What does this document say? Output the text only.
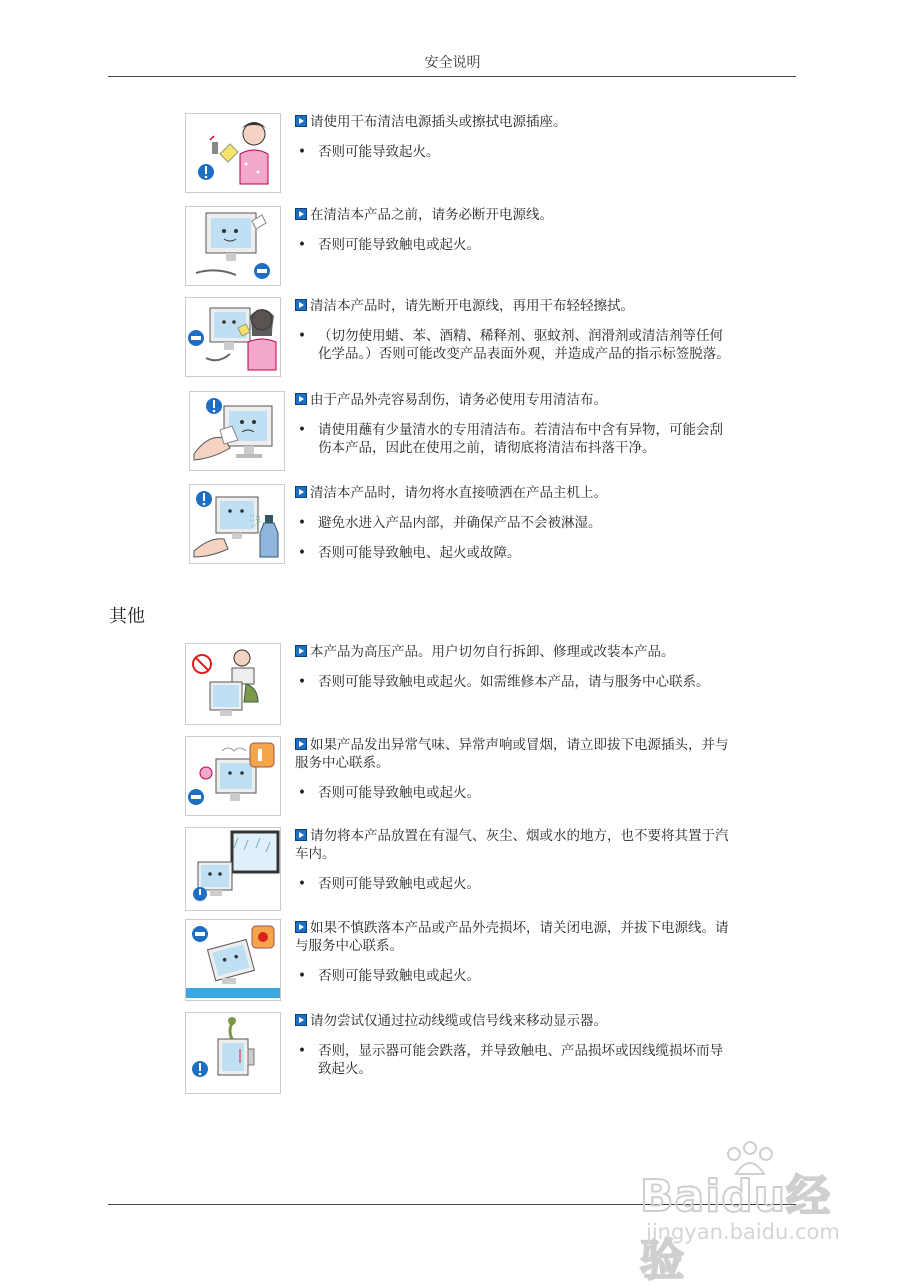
安全说明
请使用干布清洁电源插头或擦拭电源插座。
• 否则可能导致起火。
在清洁本产品之前，请务必断开电源线。
• 否则可能导致触电或起火。
清洁本产品时，请先断开电源线，再用干布轻轻擦拭。
• （切勿使用蜡、苯、酒精、稀释剂、驱蚊剂、润滑剂或清洁剂等任何化学品。）否则可能改变产品表面外观，并造成产品的指示标签脱落。
由于产品外壳容易刮伤，请务必使用专用清洁布。
• 请使用蘸有少量清水的专用清洁布。若清洁布中含有异物，可能会刮伤本产品，因此在使用之前，请彻底将清洁布抖落干净。
清洁本产品时，请勿将水直接喷洒在产品主机上。
• 避免水进入产品内部，并确保产品不会被淋湿。
• 否则可能导致触电、起火或故障。
其他
本产品为高压产品。用户切勿自行拆卸、修理或改装本产品。
• 否则可能导致触电或起火。如需维修本产品，请与服务中心联系。
如果产品发出异常气味、异常声响或冒烟，请立即拔下电源插头，并与服务中心联系。
• 否则可能导致触电或起火。
请勿将本产品放置在有湿气、灰尘、烟或水的地方，也不要将其置于汽车内。
• 否则可能导致触电或起火。
如果不慎跌落本产品或产品外壳损坏，请关闭电源，并拔下电源线。请与服务中心联系。
• 否则可能导致触电或起火。
请勿尝试仅通过拉动线缆或信号线来移动显示器。
• 否则，显示器可能会跌落，并导致触电、产品损坏或因线缆损坏而导致起火。
Baidu经验
jingyan.baidu.com
